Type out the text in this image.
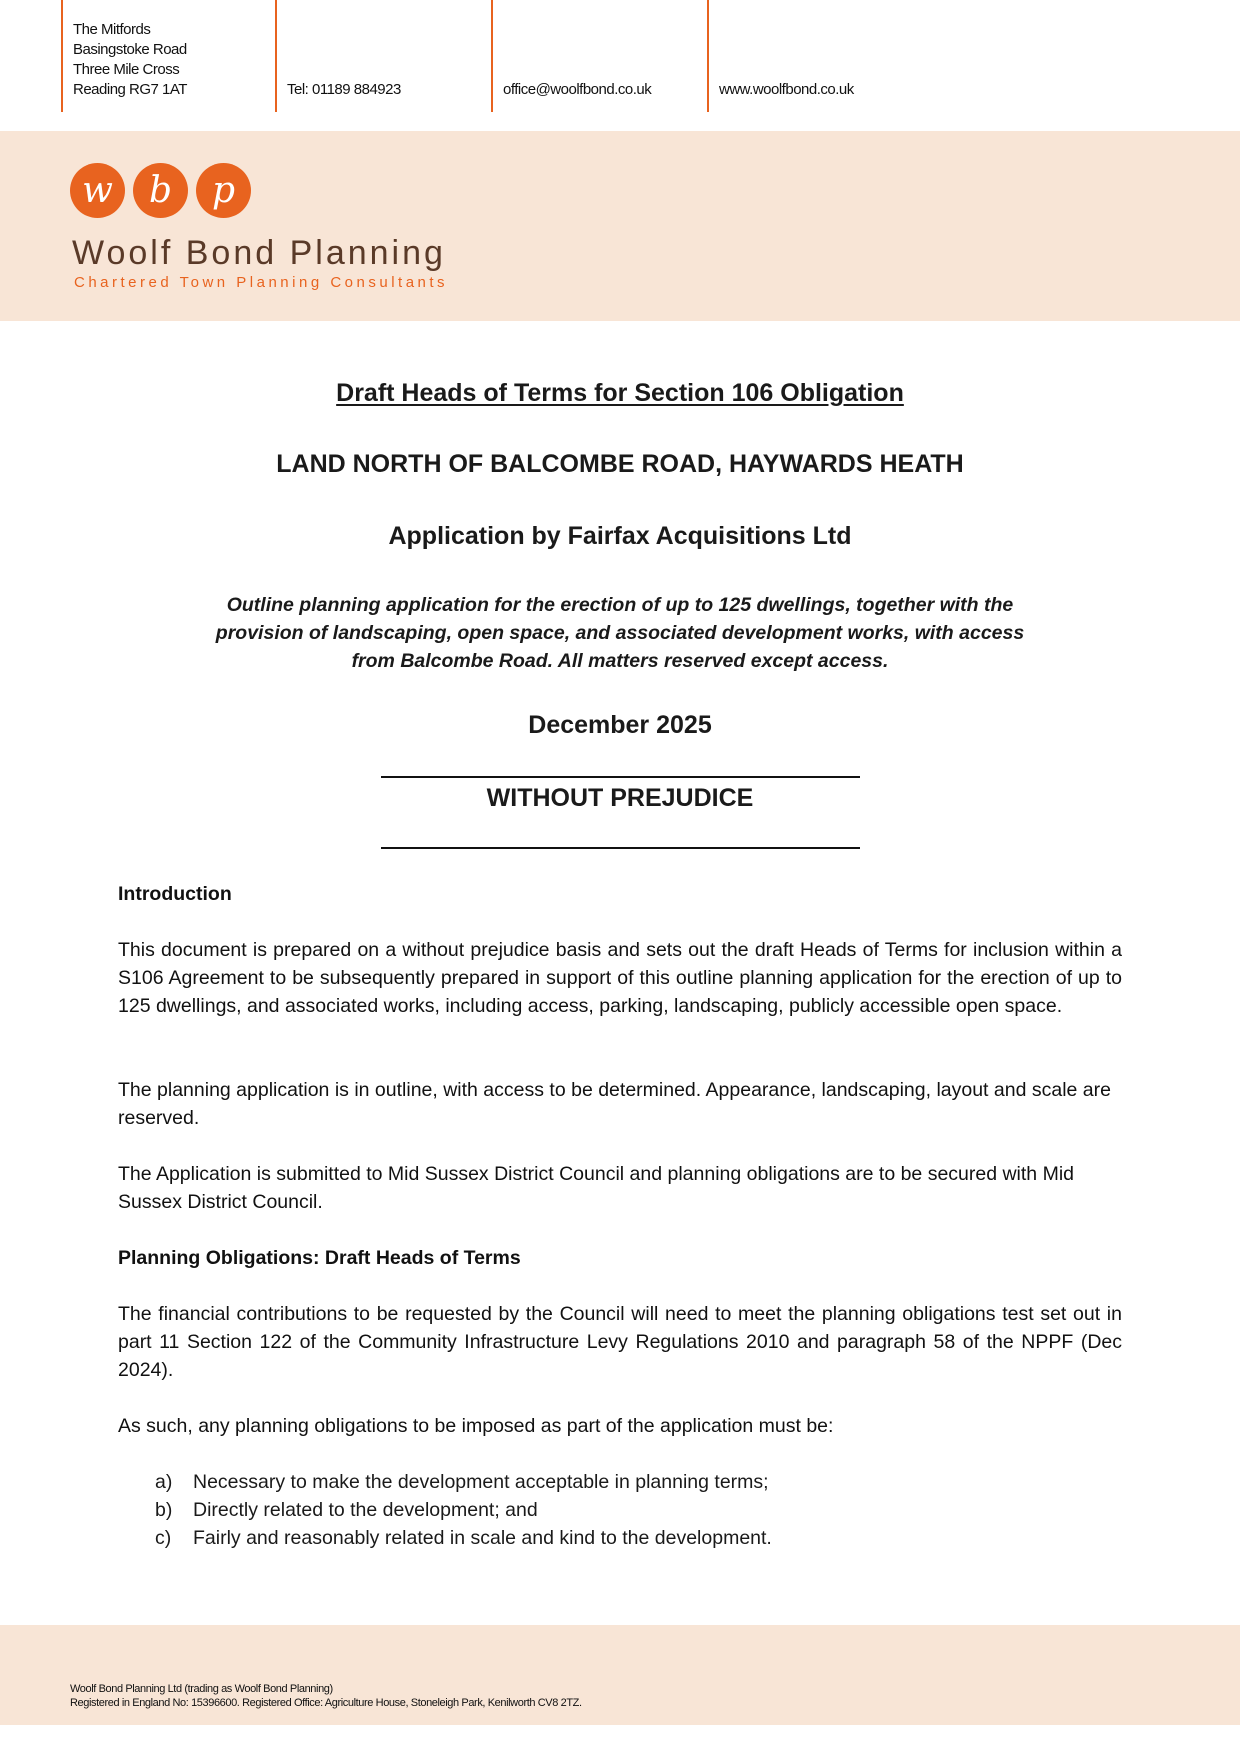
The Mitfords
Basingstoke Road
Three Mile Cross
Reading RG7 1AT	Tel: 01189 884923	office@woolfbond.co.uk	www.woolfbond.co.uk
w	b	p
Woolf Bond Planning
Chartered Town Planning Consultants
Draft Heads of Terms for Section 106 Obligation
LAND NORTH OF BALCOMBE ROAD, HAYWARDS HEATH
Application by Fairfax Acquisitions Ltd
Outline planning application for the erection of up to 125 dwellings, together with the provision of landscaping, open space, and associated development works, with access from Balcombe Road. All matters reserved except access.
December 2025
WITHOUT PREJUDICE
Introduction
This document is prepared on a without prejudice basis and sets out the draft Heads of Terms for inclusion within a S106 Agreement to be subsequently prepared in support of this outline planning application for the erection of up to 125 dwellings, and associated works, including access, parking, landscaping, publicly accessible open space.
The planning application is in outline, with access to be determined. Appearance, landscaping, layout and scale are reserved.
The Application is submitted to Mid Sussex District Council and planning obligations are to be secured with Mid Sussex District Council.
Planning Obligations: Draft Heads of Terms
The financial contributions to be requested by the Council will need to meet the planning obligations test set out in part 11 Section 122 of the Community Infrastructure Levy Regulations 2010 and paragraph 58 of the NPPF (Dec 2024).
As such, any planning obligations to be imposed as part of the application must be:
a)	Necessary to make the development acceptable in planning terms;
b)	Directly related to the development; and
c)	Fairly and reasonably related in scale and kind to the development.
Woolf Bond Planning Ltd (trading as Woolf Bond Planning)
Registered in England No: 15396600. Registered Office: Agriculture House, Stoneleigh Park, Kenilworth CV8 2TZ.
